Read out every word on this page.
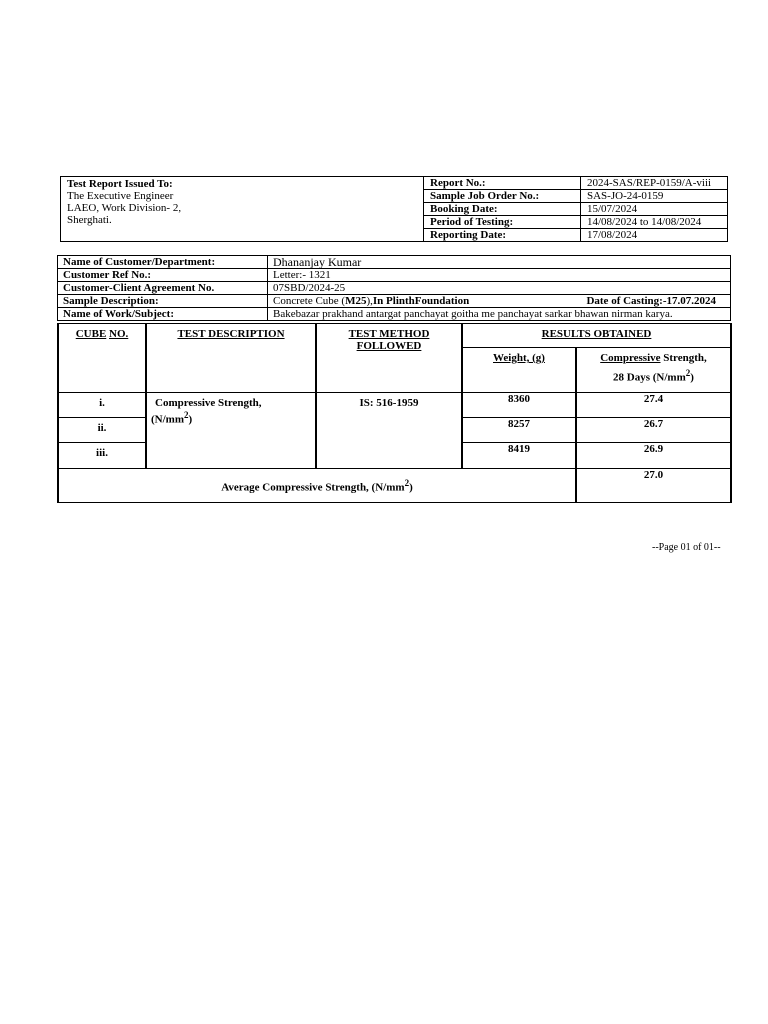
Test Report Issued To:
The Executive Engineer
LAEO, Work Division- 2,
Sherghati.	Report No.:	2024-SAS/REP-0159/A-viii
	Sample Job Order No.:	SAS-JO-24-0159
	Booking Date:	15/07/2024
	Period of Testing:	14/08/2024 to 14/08/2024
	Reporting Date:	17/08/2024
Name of Customer/Department:	Dhananjay Kumar
Customer Ref No.:	Letter:- 1321
Customer-Client Agreement No.	07SBD/2024-25
Sample Description:	Concrete Cube (M25),In PlinthFoundation Date of Casting:-17.07.2024

Name of Work/Subject:	Bakebazar prakhand antargat panchayat goitha me panchayat sarkar bhawan nirman karya.
CUBE NO.	TEST DESCRIPTION	TEST METHOD
FOLLOWED	RESULTS OBTAINED	
			Weight, (g)	Compressive Strength,
28 Days $(N/mm^2)$

i.	Compressive Strength,
$(N/mm^2)$	IS: 516-1959	8360	27.4
ii.			8257	26.7
iii.			8419	26.9
Average Compressive Strength, $(N/mm^2)$				27.0
--Page 01 of 01--
